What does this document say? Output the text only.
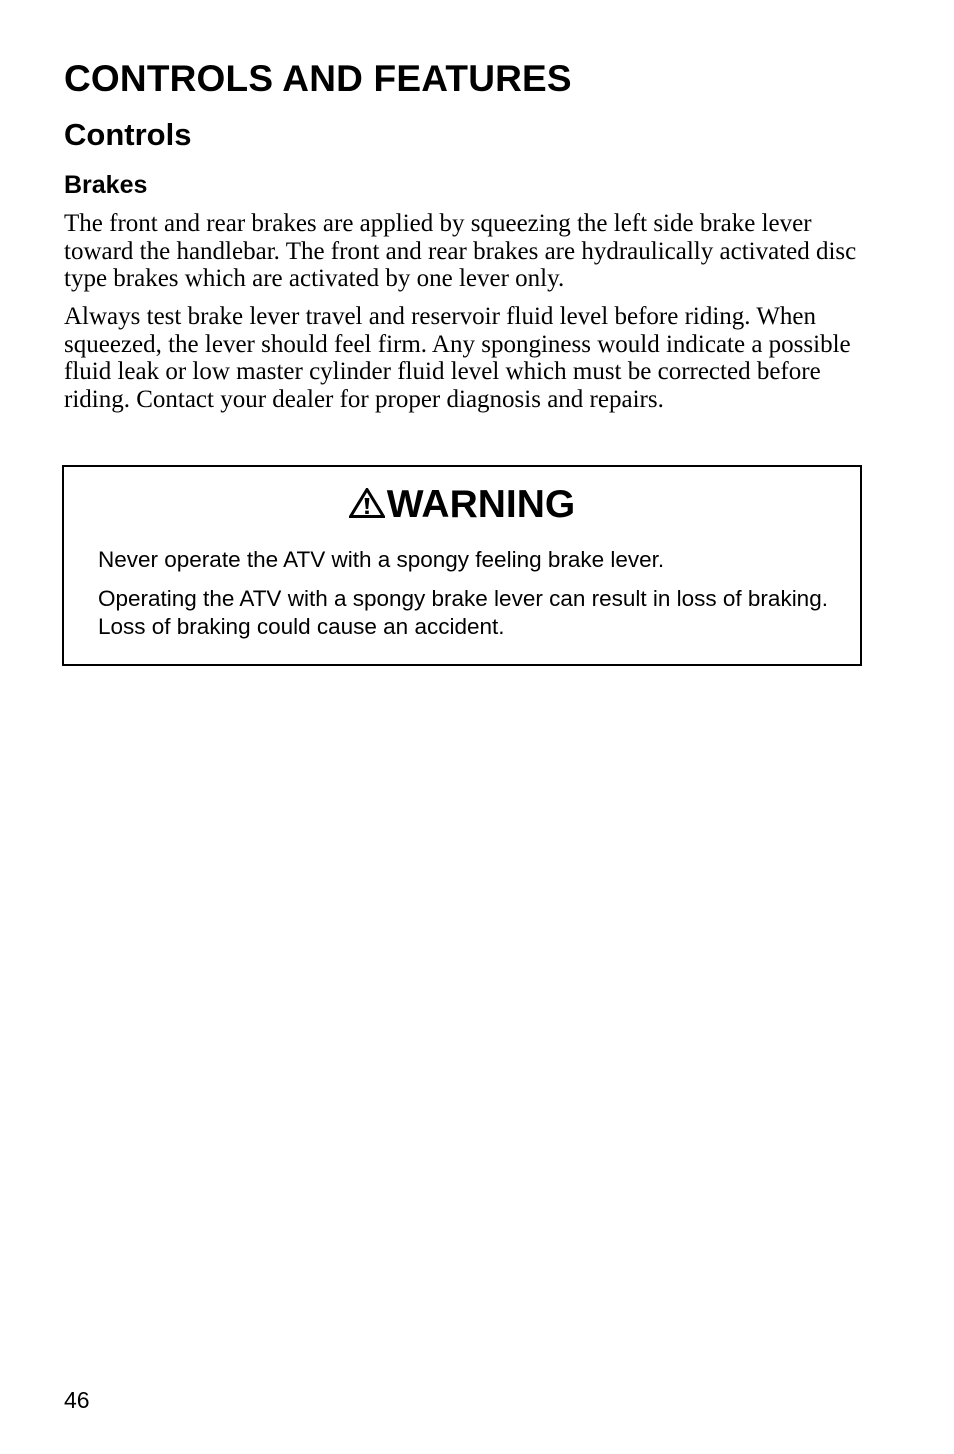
CONTROLS AND FEATURES
Controls
Brakes

The front and rear brakes are applied by squeezing the left side brake lever toward the handlebar. The front and rear brakes are hydraulically activated disc type brakes which are activated by one lever only.

Always test brake lever travel and reservoir fluid level before riding. When squeezed, the lever should feel firm. Any sponginess would indicate a possible fluid leak or low master cylinder fluid level which must be corrected before riding. Contact your dealer for proper diagnosis and repairs.

WARNING

Never operate the ATV with a spongy feeling brake lever.

Operating the ATV with a spongy brake lever can result in loss of braking. Loss of braking could cause an accident.

46
